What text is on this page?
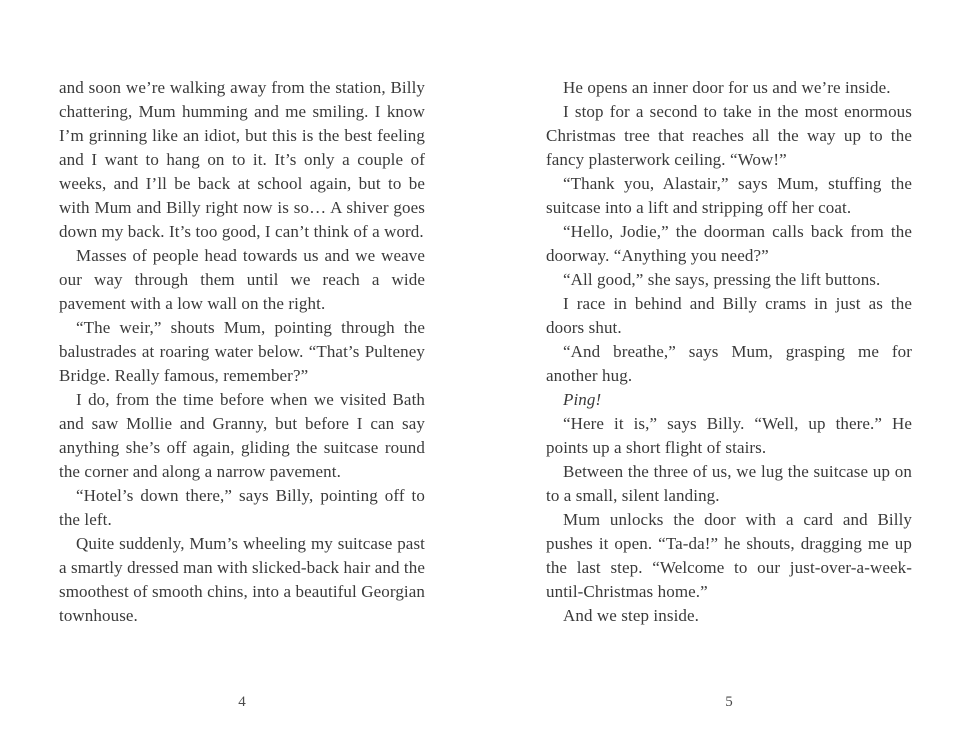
and soon we’re walking away from the station, Billy chattering, Mum humming and me smiling. I know I’m grinning like an idiot, but this is the best feeling and I want to hang on to it. It’s only a couple of weeks, and I’ll be back at school again, but to be with Mum and Billy right now is so… A shiver goes down my back. It’s too good, I can’t think of a word.

Masses of people head towards us and we weave our way through them until we reach a wide pavement with a low wall on the right.

“The weir,” shouts Mum, pointing through the balustrades at roaring water below. “That’s Pulteney Bridge. Really famous, remember?”

I do, from the time before when we visited Bath and saw Mollie and Granny, but before I can say anything she’s off again, gliding the suitcase round the corner and along a narrow pavement.

“Hotel’s down there,” says Billy, pointing off to the left.

Quite suddenly, Mum’s wheeling my suitcase past a smartly dressed man with slicked-back hair and the smoothest of smooth chins, into a beautiful Georgian townhouse.

He opens an inner door for us and we’re inside.

I stop for a second to take in the most enormous Christmas tree that reaches all the way up to the fancy plasterwork ceiling. “Wow!”

“Thank you, Alastair,” says Mum, stuffing the suitcase into a lift and stripping off her coat.

“Hello, Jodie,” the doorman calls back from the doorway. “Anything you need?”

“All good,” she says, pressing the lift buttons.

I race in behind and Billy crams in just as the doors shut.

“And breathe,” says Mum, grasping me for another hug.

Ping!

“Here it is,” says Billy. “Well, up there.” He points up a short flight of stairs.

Between the three of us, we lug the suitcase up on to a small, silent landing.

Mum unlocks the door with a card and Billy pushes it open. “Ta-da!” he shouts, dragging me up the last step. “Welcome to our just-over-a-week-until-Christmas home.”

And we step inside.

4	5
